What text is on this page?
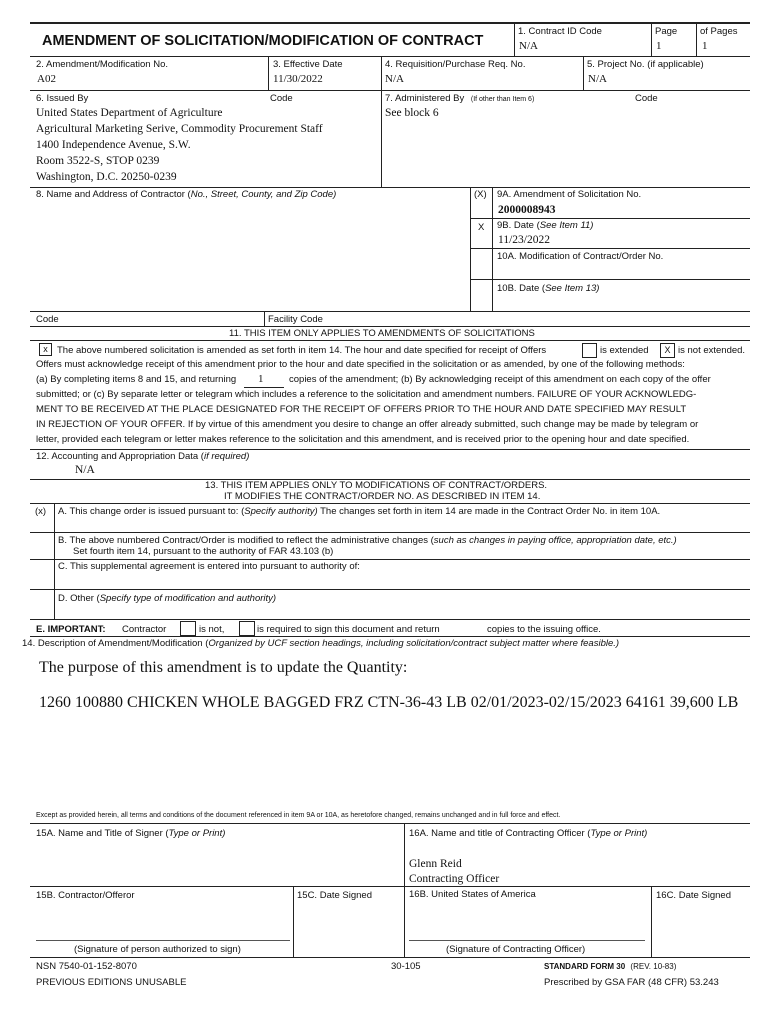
AMENDMENT OF SOLICITATION/MODIFICATION OF CONTRACT
1. Contract ID Code
N/A
Page
1
of Pages
1
2. Amendment/Modification No.
A02
3. Effective Date
11/30/2022
4. Requisition/Purchase Req. No.
N/A
5. Project No. (if applicable)
N/A
6. Issued By	Code
United States Department of Agriculture
Agricultural Marketing Serive, Commodity Procurement Staff
1400 Independence Avenue, S.W.
Room 3522-S, STOP 0239
Washington, D.C. 20250-0239
7. Administered By (If other than Item 6)	Code
See block 6
8. Name and Address of Contractor (No., Street, County, and Zip Code)	(X) 9A. Amendment of Solicitation No.
2000008943
X 9B. Date (See Item 11)
11/23/2022
10A. Modification of Contract/Order No.
10B. Date (See Item 13)
Code	Facility Code
11. THIS ITEM ONLY APPLIES TO AMENDMENTS OF SOLICITATIONS
x The above numbered solicitation is amended as set forth in item 14. The hour and date specified for receipt of Offers	is extended	X is not extended.
Offers must acknowledge receipt of this amendment prior to the hour and date specified in the solicitation or as amended, by one of the following methods:
(a) By completing items 8 and 15, and returning 1	copies of the amendment; (b) By acknowledging receipt of this amendment on each copy of the offer
submitted; or (c) By separate letter or telegram which includes a reference to the solicitation and amendment numbers. FAILURE OF YOUR ACKNOWLEDG-
MENT TO BE RECEIVED AT THE PLACE DESIGNATED FOR THE RECEIPT OF OFFERS PRIOR TO THE HOUR AND DATE SPECIFIED MAY RESULT
IN REJECTION OF YOUR OFFER. If by virtue of this amendment you desire to change an offer already submitted, such change may be made by telegram or
letter, provided each telegram or letter makes reference to the solicitation and this amendment, and is received prior to the opening hour and date specified.
12. Accounting and Appropriation Data (if required)
N/A
13. THIS ITEM APPLIES ONLY TO MODIFICATIONS OF CONTRACT/ORDERS.
IT MODIFIES THE CONTRACT/ORDER NO. AS DESCRIBED IN ITEM 14.
(x) A. This change order is issued pursuant to: (Specify authority) The changes set forth in item 14 are made in the Contract Order No. in item 10A.
B. The above numbered Contract/Order is modified to reflect the administrative changes (such as changes in paying office, appropriation date, etc.)
Set fourth item 14, pursuant to the authority of FAR 43.103 (b)
C. This supplemental agreement is entered into pursuant to authority of:
D. Other (Specify type of modification and authority)
E. IMPORTANT: Contractor	is not,	is required to sign this document and return	copies to the issuing office.
14. Description of Amendment/Modification (Organized by UCF section headings, including solicitation/contract subject matter where feasible.)
The purpose of this amendment is to update the Quantity:
1260 100880 CHICKEN WHOLE BAGGED FRZ CTN-36-43 LB 02/01/2023-02/15/2023 64161 39,600 LB
Except as provided herein, all terms and conditions of the document referenced in item 9A or 10A, as heretofore changed, remains unchanged and in full force and effect.
15A. Name and Title of Signer (Type or Print)	16A. Name and title of Contracting Officer (Type or Print)
Glenn Reid
Contracting Officer
15B. Contractor/Offeror	15C. Date Signed	16B. United States of America	16C. Date Signed
(Signature of person authorized to sign)	(Signature of Contracting Officer)
NSN 7540-01-152-8070	30-105	STANDARD FORM 30 (REV. 10-83)
PREVIOUS EDITIONS UNUSABLE	Prescribed by GSA FAR (48 CFR) 53.243
